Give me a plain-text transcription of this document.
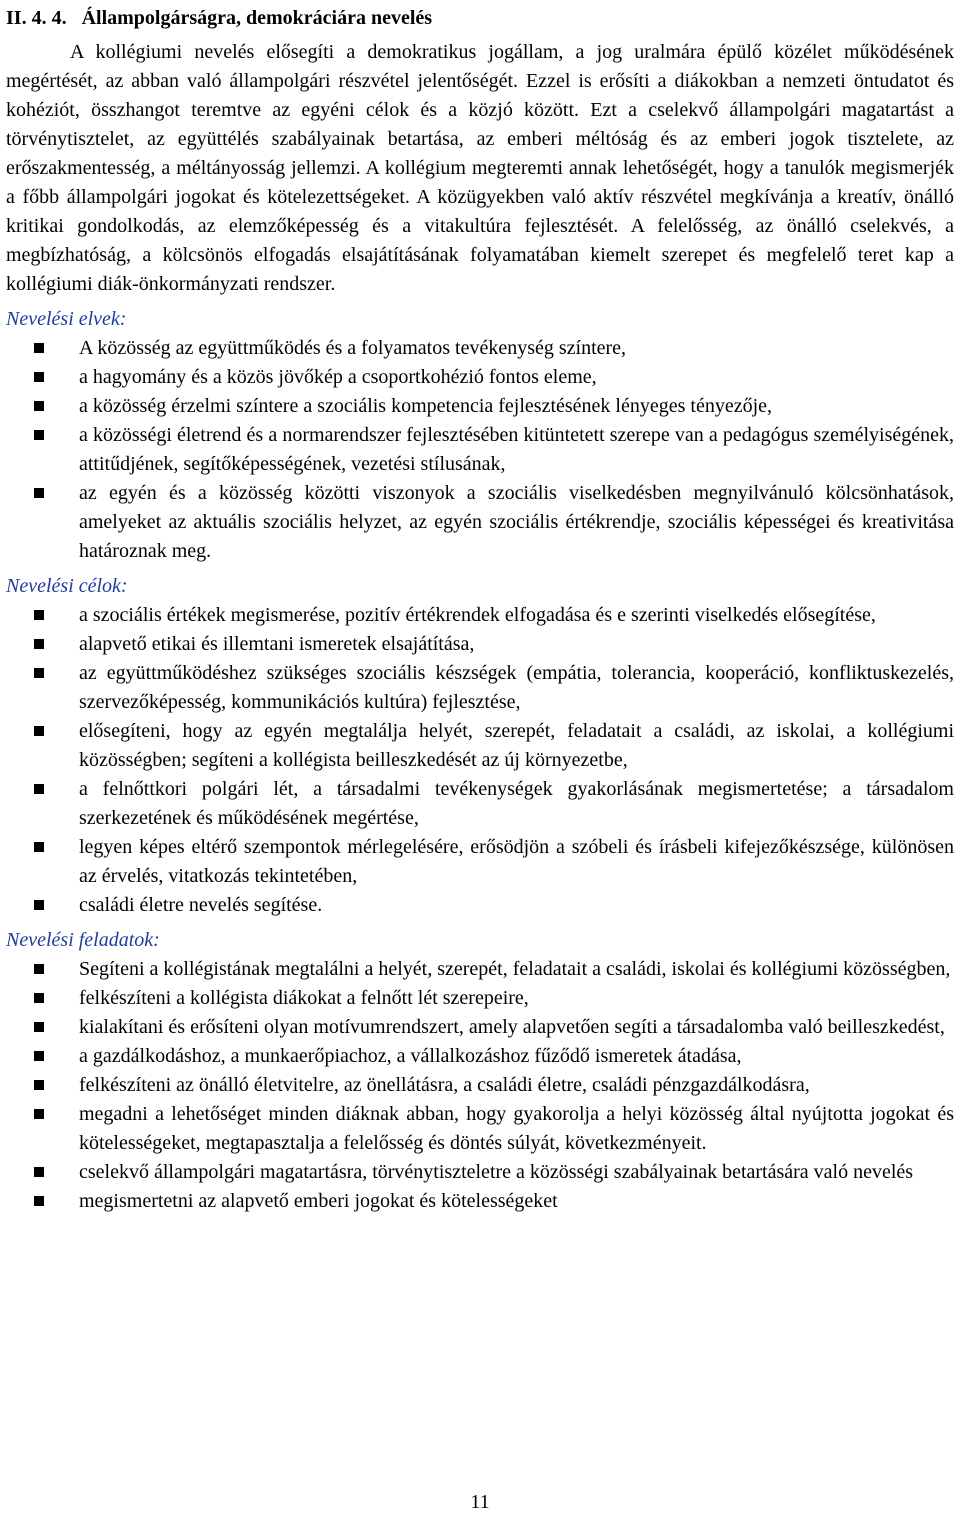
II. 4. 4.   Állampolgárságra, demokráciára nevelés

A kollégiumi nevelés elősegíti a demokratikus jogállam, a jog uralmára épülő közélet működésének megértését, az abban való állampolgári részvétel jelentőségét. Ezzel is erősíti a diákokban a nemzeti öntudatot és kohéziót, összhangot teremtve az egyéni célok és a közjó között. Ezt a cselekvő állampolgári magatartást a törvénytisztelet, az együttélés szabályainak betartása, az emberi méltóság és az emberi jogok tisztelete, az erőszakmentesség, a méltányosság jellemzi. A kollégium megteremti annak lehetőségét, hogy a tanulók megismerjék a főbb állampolgári jogokat és kötelezettségeket. A közügyekben való aktív részvétel megkívánja a kreatív, önálló kritikai gondolkodás, az elemzőképesség és a vitakultúra fejlesztését. A felelősség, az önálló cselekvés, a megbízhatóság, a kölcsönös elfogadás elsajátításának folyamatában kiemelt szerepet és megfelelő teret kap a kollégiumi diák-önkormányzati rendszer.

Nevelési elvek:
A közösség az együttműködés és a folyamatos tevékenység színtere,
a hagyomány és a közös jövőkép a csoportkohézió fontos eleme,
a közösség érzelmi színtere a szociális kompetencia fejlesztésének lényeges tényezője,
a közösségi életrend és a normarendszer fejlesztésében kitüntetett szerepe van a pedagógus személyiségének, attitűdjének, segítőképességének, vezetési stílusának,
az egyén és a közösség közötti viszonyok a szociális viselkedésben megnyilvánuló kölcsönhatások, amelyeket az aktuális szociális helyzet, az egyén szociális értékrendje, szociális képességei és kreativitása határoznak meg.
Nevelési célok:
a szociális értékek megismerése, pozitív értékrendek elfogadása és e szerinti viselkedés elősegítése,
alapvető etikai és illemtani ismeretek elsajátítása,
az együttműködéshez szükséges szociális készségek (empátia, tolerancia, kooperáció, konfliktuskezelés, szervezőképesség, kommunikációs kultúra) fejlesztése,
elősegíteni, hogy az egyén megtalálja helyét, szerepét, feladatait a családi, az iskolai, a kollégiumi közösségben; segíteni a kollégista beilleszkedését az új környezetbe,
a felnőttkori polgári lét, a társadalmi tevékenységek gyakorlásának megismertetése; a társadalom szerkezetének és működésének megértése,
legyen képes eltérő szempontok mérlegelésére, erősödjön a szóbeli és írásbeli kifejezőkészsége, különösen az érvelés, vitatkozás tekintetében,
családi életre nevelés segítése.
Nevelési feladatok:
Segíteni a kollégistának megtalálni a helyét, szerepét, feladatait a családi, iskolai és kollégiumi közösségben,
felkészíteni a kollégista diákokat a felnőtt lét szerepeire,
kialakítani és erősíteni olyan motívumrendszert, amely alapvetően segíti a társadalomba való beilleszkedést,
a gazdálkodáshoz, a munkaerőpiachoz, a vállalkozáshoz fűződő ismeretek átadása,
felkészíteni az önálló életvitelre, az önellátásra, a családi életre, családi pénzgazdálkodásra,
megadni a lehetőséget minden diáknak abban, hogy gyakorolja a helyi közösség által nyújtotta jogokat és kötelességeket, megtapasztalja a felelősség és döntés súlyát, következményeit.
cselekvő állampolgári magatartásra, törvénytiszteletre a közösségi szabályainak betartására való nevelés
megismertetni az alapvető emberi jogokat és kötelességeket
11
